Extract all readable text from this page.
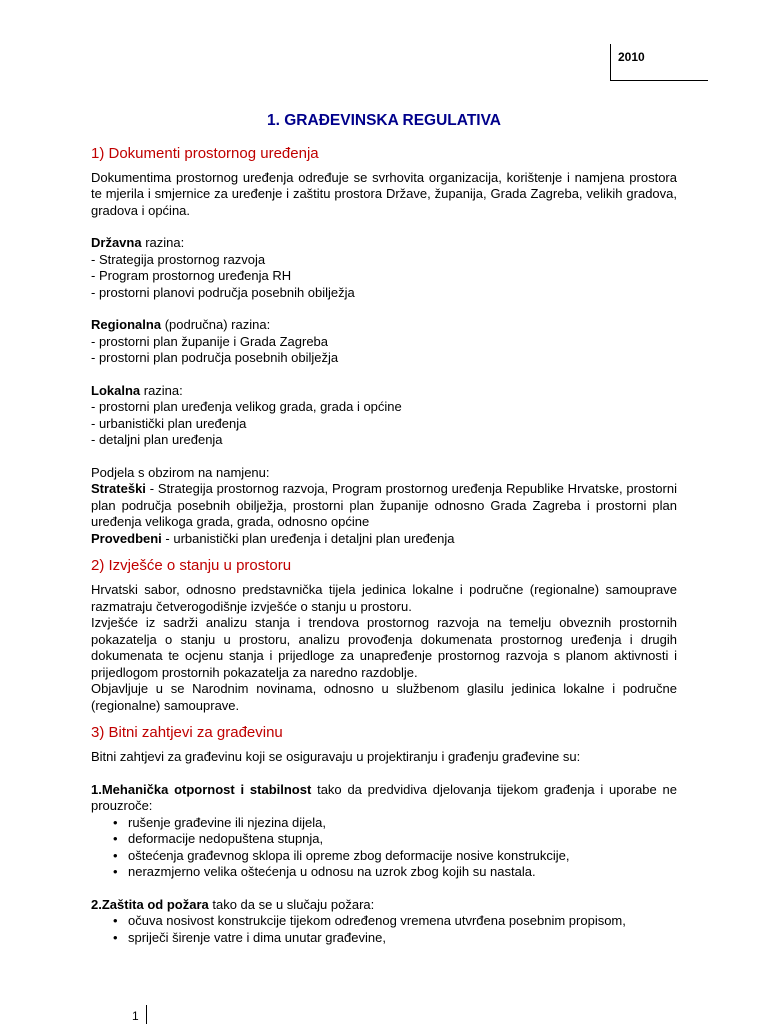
2010
1. GRAĐEVINSKA REGULATIVA
1) Dokumenti prostornog uređenja

Dokumentima prostornog uređenja određuje se svrhovita organizacija, korištenje i namjena prostora te mjerila i smjernice za uređenje i zaštitu prostora Države, županija, Grada Zagreba, velikih gradova, gradova i općina.

Državna razina:

- Strategija prostornog razvoja

- Program prostornog uređenja RH

- prostorni planovi područja posebnih obilježja

Regionalna (područna) razina:

- prostorni plan županije i Grada Zagreba

- prostorni plan područja posebnih obilježja

Lokalna razina:

- prostorni plan uređenja velikog grada, grada i općine

- urbanistički plan uređenja

- detaljni plan uređenja

Podjela s obzirom na namjenu:

Strateški - Strategija prostornog razvoja, Program prostornog uređenja Republike Hrvatske, prostorni plan područja posebnih obilježja, prostorni plan županije odnosno Grada Zagreba i prostorni plan uređenja velikoga grada, grada, odnosno općine

Provedbeni - urbanistički plan uređenja i detaljni plan uređenja

2) Izvješće o stanju u prostoru

Hrvatski sabor, odnosno predstavnička tijela jedinica lokalne i područne (regionalne) samouprave razmatraju četverogodišnje izvješće o stanju u prostoru.

Izvješće iz sadrži analizu stanja i trendova prostornog razvoja na temelju obveznih prostornih pokazatelja o stanju u prostoru, analizu provođenja dokumenata prostornog uređenja i drugih dokumenata te ocjenu stanja i prijedloge za unapređenje prostornog razvoja s planom aktivnosti i prijedlogom prostornih pokazatelja za naredno razdoblje.

Objavljuje u se Narodnim novinama, odnosno u službenom glasilu jedinica lokalne i područne (regionalne) samouprave.

3) Bitni zahtjevi za građevinu

Bitni zahtjevi za građevinu koji se osiguravaju u projektiranju i građenju građevine su:

1.Mehanička otpornost i stabilnost tako da predvidiva djelovanja tijekom građenja i uporabe ne prouzroče:

• rušenje građevine ili njezina dijela,
• deformacije nedopuštena stupnja,
• oštećenja građevnog sklopa ili opreme zbog deformacije nosive konstrukcije,
• nerazmjerno velika oštećenja u odnosu na uzrok zbog kojih su nastala.

2.Zaštita od požara tako da se u slučaju požara:

• očuva nosivost konstrukcije tijekom određenog vremena utvrđena posebnim propisom,
• spriječi širenje vatre i dima unutar građevine,
1
